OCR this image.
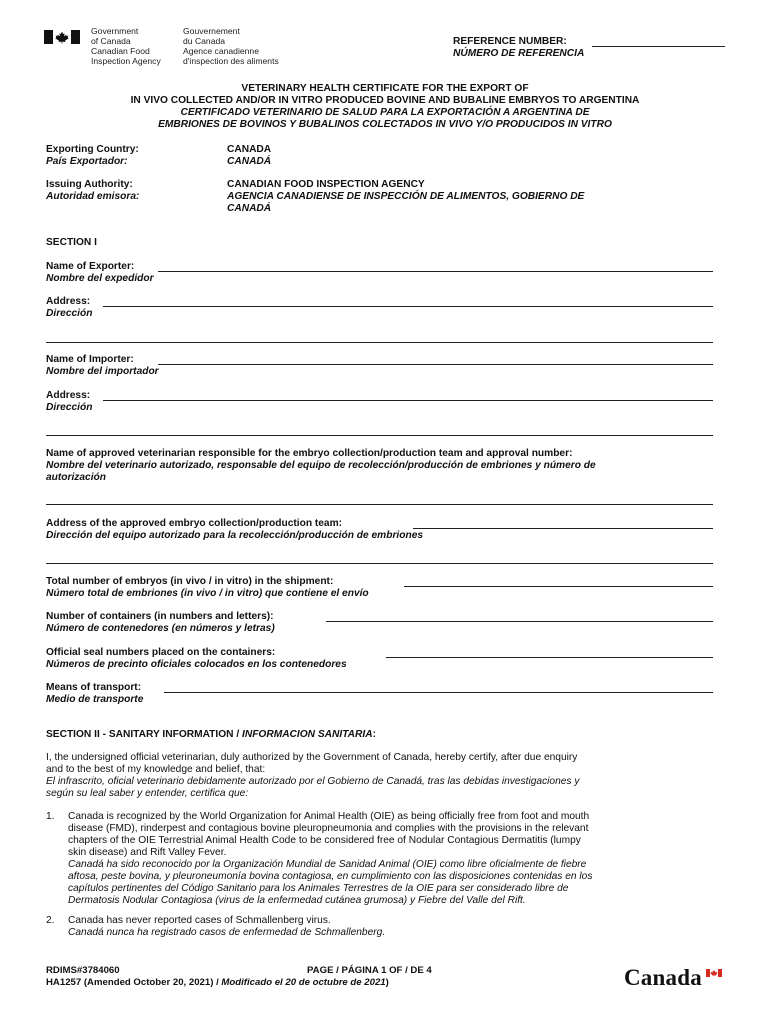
Government
of Canada
Gouvernement
du Canada
Canadian Food
Inspection Agency
Agence canadienne
d'inspection des aliments
REFERENCE NUMBER:
NÚMERO DE REFERENCIA
VETERINARY HEALTH CERTIFICATE FOR THE EXPORT OF
IN VIVO COLLECTED AND/OR IN VITRO PRODUCED BOVINE AND BUBALINE EMBRYOS TO ARGENTINA
CERTIFICADO VETERINARIO DE SALUD PARA LA EXPORTACIÓN A ARGENTINA DE
EMBRIONES DE BOVINOS Y BUBALINOS COLECTADOS IN VIVO Y/O PRODUCIDOS IN VITRO
Exporting Country:
País Exportador:
CANADA
CANADÁ
Issuing Authority:
Autoridad emisora:
CANADIAN FOOD INSPECTION AGENCY
AGENCIA CANADIENSE DE INSPECCIÓN DE ALIMENTOS, GOBIERNO DE
CANADÁ
SECTION I
Name of Exporter:
Nombre del expedidor
Address:
Dirección
Name of Importer:
Nombre del importador
Address:
Dirección
Name of approved veterinarian responsible for the embryo collection/production team and approval number:
Nombre del veterinario autorizado, responsable del equipo de recolección/producción de embriones y número de
autorización
Address of the approved embryo collection/production team:
Dirección del equipo autorizado para la recolección/producción de embriones
Total number of embryos (in vivo / in vitro) in the shipment:
Número total de embriones (in vivo / in vitro) que contiene el envío
Number of containers (in numbers and letters):
Número de contenedores (en números y letras)
Official seal numbers placed on the containers:
Números de precinto oficiales colocados en los contenedores
Means of transport:
Medio de transporte
SECTION II - SANITARY INFORMATION / INFORMACION SANITARIA:
I, the undersigned official veterinarian, duly authorized by the Government of Canada, hereby certify, after due enquiry
and to the best of my knowledge and belief, that:
El infrascrito, oficial veterinario debidamente autorizado por el Gobierno de Canadá, tras las debidas investigaciones y
según su leal saber y entender, certifica que:
1. Canada is recognized by the World Organization for Animal Health (OIE) as being officially free from foot and mouth
disease (FMD), rinderpest and contagious bovine pleuropneumonia and complies with the provisions in the relevant
chapters of the OIE Terrestrial Animal Health Code to be considered free of Nodular Contagious Dermatitis (lumpy
skin disease) and Rift Valley Fever.
Canadá ha sido reconocido por la Organización Mundial de Sanidad Animal (OIE) como libre oficialmente de fiebre
aftosa, peste bovina, y pleuroneumonía bovina contagiosa, en cumplimiento con las disposiciones contenidas en los
capítulos pertinentes del Código Sanitario para los Animales Terrestres de la OIE para ser considerado libre de
Dermatosis Nodular Contagiosa (virus de la enfermedad cutánea grumosa) y Fiebre del Valle del Rift.
2. Canada has never reported cases of Schmallenberg virus.
Canadá nunca ha registrado casos de enfermedad de Schmallenberg.
RDIMS#3784060	PAGE / PÁGINA 1 OF / DE 4
HA1257 (Amended October 20, 2021) / Modificado el 20 de octubre de 2021)	Canada
